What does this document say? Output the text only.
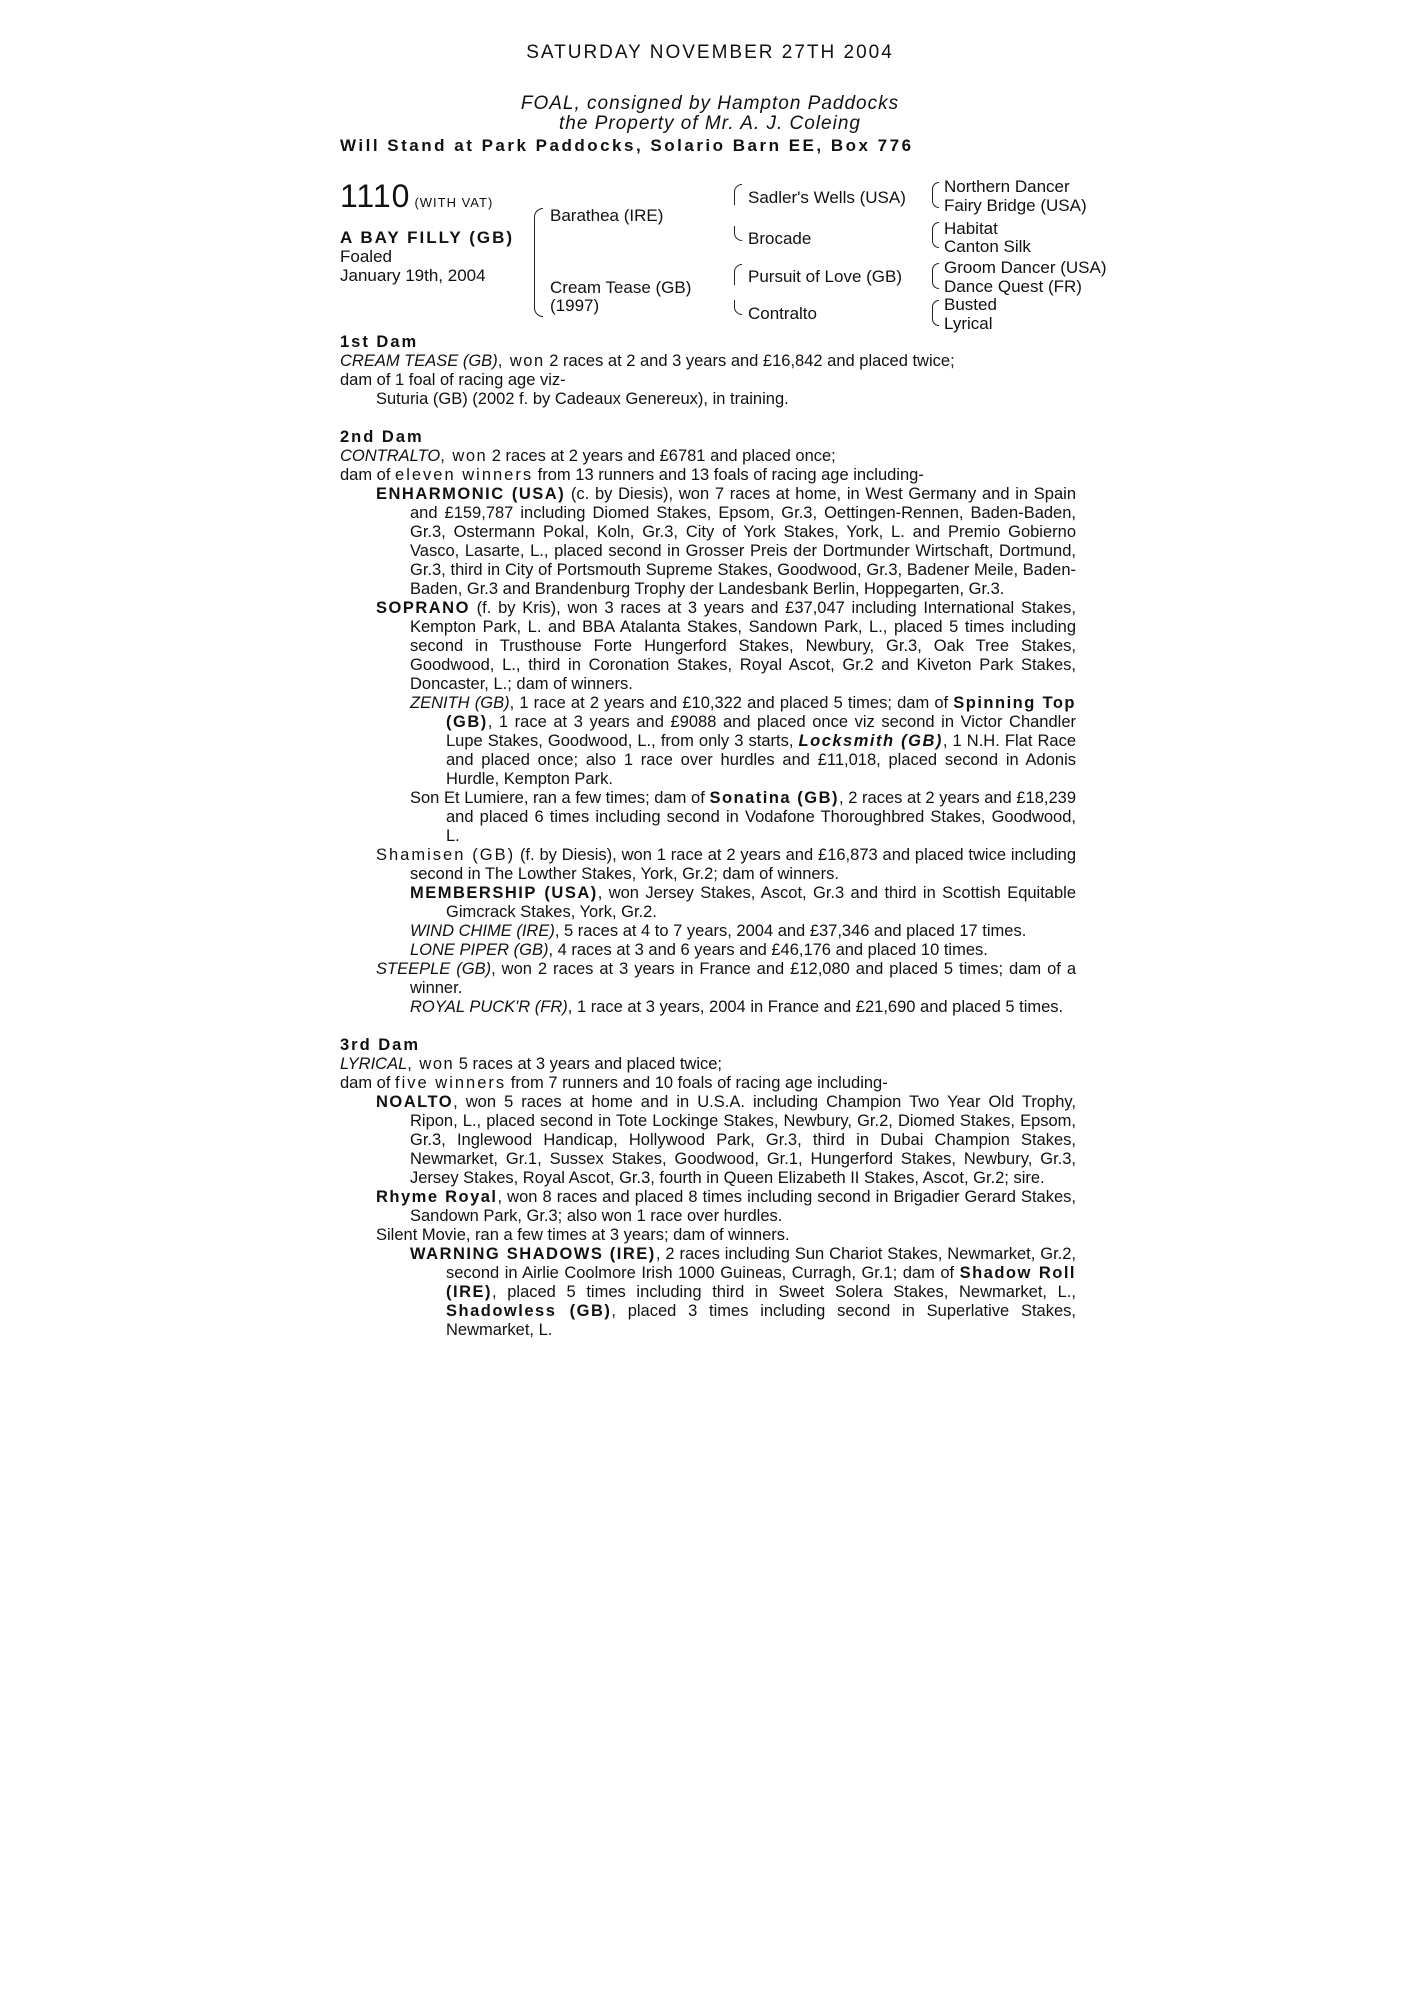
SATURDAY NOVEMBER 27TH 2004
FOAL, consigned by Hampton Paddocks
the Property of Mr. A. J. Coleing
Will Stand at Park Paddocks, Solario Barn EE, Box 776
1110 (WITH VAT)
A BAY FILLY (GB)
Foaled
January 19th, 2004
Barathea (IRE)
Cream Tease (GB)
(1997)
Sadler's Wells (USA)
Brocade
Pursuit of Love (GB)
Contralto
Northern Dancer
Fairy Bridge (USA)
Habitat
Canton Silk
Groom Dancer (USA)
Dance Quest (FR)
Busted
Lyrical
1st Dam

CREAM TEASE (GB), won 2 races at 2 and 3 years and £16,842 and placed twice;

dam of 1 foal of racing age viz-

Suturia (GB) (2002 f. by Cadeaux Genereux), in training.

2nd Dam

CONTRALTO, won 2 races at 2 years and £6781 and placed once;

dam of eleven winners from 13 runners and 13 foals of racing age including-

ENHARMONIC (USA) (c. by Diesis), won 7 races at home, in West Germany and in Spain and £159,787 including Diomed Stakes, Epsom, Gr.3, Oettingen-Rennen, Baden-Baden, Gr.3, Ostermann Pokal, Koln, Gr.3, City of York Stakes, York, L. and Premio Gobierno Vasco, Lasarte, L., placed second in Grosser Preis der Dortmunder Wirtschaft, Dortmund, Gr.3, third in City of Portsmouth Supreme Stakes, Goodwood, Gr.3, Badener Meile, Baden-Baden, Gr.3 and Brandenburg Trophy der Landesbank Berlin, Hoppegarten, Gr.3.

SOPRANO (f. by Kris), won 3 races at 3 years and £37,047 including International Stakes, Kempton Park, L. and BBA Atalanta Stakes, Sandown Park, L., placed 5 times including second in Trusthouse Forte Hungerford Stakes, Newbury, Gr.3, Oak Tree Stakes, Goodwood, L., third in Coronation Stakes, Royal Ascot, Gr.2 and Kiveton Park Stakes, Doncaster, L.; dam of winners.

ZENITH (GB), 1 race at 2 years and £10,322 and placed 5 times; dam of Spinning Top (GB), 1 race at 3 years and £9088 and placed once viz second in Victor Chandler Lupe Stakes, Goodwood, L., from only 3 starts, Locksmith (GB), 1 N.H. Flat Race and placed once; also 1 race over hurdles and £11,018, placed second in Adonis Hurdle, Kempton Park.

Son Et Lumiere, ran a few times; dam of Sonatina (GB), 2 races at 2 years and £18,239 and placed 6 times including second in Vodafone Thoroughbred Stakes, Goodwood, L.

Shamisen (GB) (f. by Diesis), won 1 race at 2 years and £16,873 and placed twice including second in The Lowther Stakes, York, Gr.2; dam of winners.

MEMBERSHIP (USA), won Jersey Stakes, Ascot, Gr.3 and third in Scottish Equitable Gimcrack Stakes, York, Gr.2.

WIND CHIME (IRE), 5 races at 4 to 7 years, 2004 and £37,346 and placed 17 times.

LONE PIPER (GB), 4 races at 3 and 6 years and £46,176 and placed 10 times.

STEEPLE (GB), won 2 races at 3 years in France and £12,080 and placed 5 times; dam of a winner.

ROYAL PUCK'R (FR), 1 race at 3 years, 2004 in France and £21,690 and placed 5 times.

3rd Dam

LYRICAL, won 5 races at 3 years and placed twice;

dam of five winners from 7 runners and 10 foals of racing age including-

NOALTO, won 5 races at home and in U.S.A. including Champion Two Year Old Trophy, Ripon, L., placed second in Tote Lockinge Stakes, Newbury, Gr.2, Diomed Stakes, Epsom, Gr.3, Inglewood Handicap, Hollywood Park, Gr.3, third in Dubai Champion Stakes, Newmarket, Gr.1, Sussex Stakes, Goodwood, Gr.1, Hungerford Stakes, Newbury, Gr.3, Jersey Stakes, Royal Ascot, Gr.3, fourth in Queen Elizabeth II Stakes, Ascot, Gr.2; sire.

Rhyme Royal, won 8 races and placed 8 times including second in Brigadier Gerard Stakes, Sandown Park, Gr.3; also won 1 race over hurdles.

Silent Movie, ran a few times at 3 years; dam of winners.

WARNING SHADOWS (IRE), 2 races including Sun Chariot Stakes, Newmarket, Gr.2, second in Airlie Coolmore Irish 1000 Guineas, Curragh, Gr.1; dam of Shadow Roll (IRE), placed 5 times including third in Sweet Solera Stakes, Newmarket, L., Shadowless (GB), placed 3 times including second in Superlative Stakes, Newmarket, L.
